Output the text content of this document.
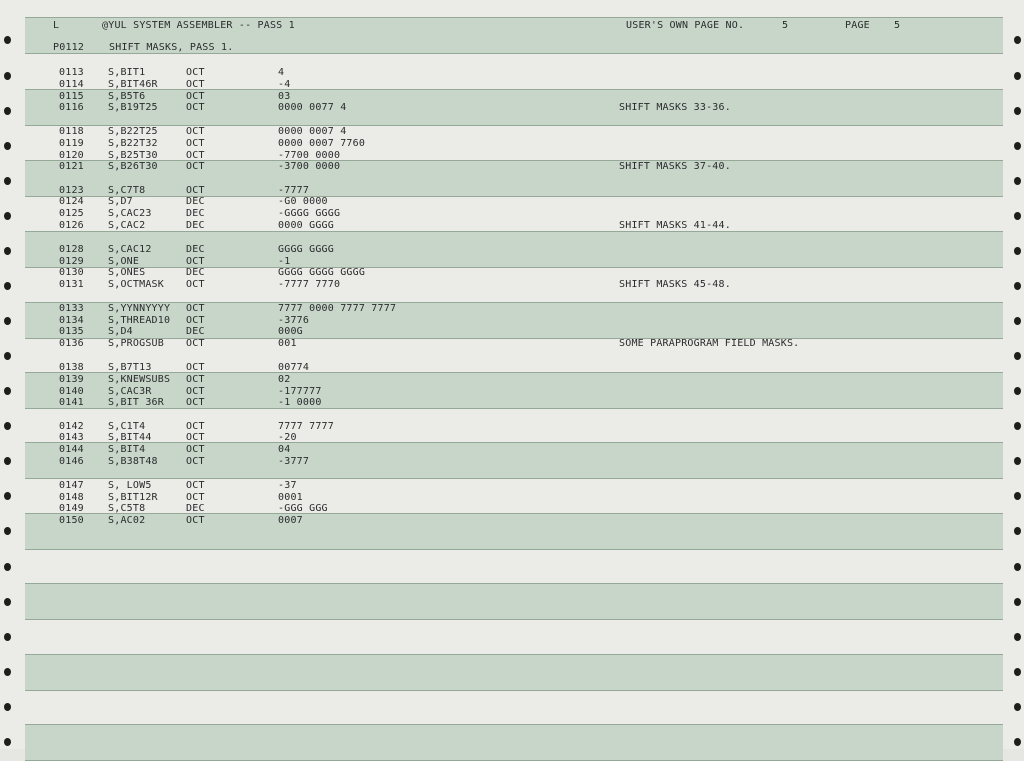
L	@YUL SYSTEM ASSEMBLER -- PASS 1	USER'S OWN PAGE NO.	5	PAGE 5
P0112 SHIFT MASKS, PASS 1.
0113 S,BIT1	OCT	4
0114 S,BIT46R	OCT	-4
0115 S,B5T6	OCT	03
0116 S,B19T25	OCT	0000 0077 4	SHIFT MASKS 33-36.
0118 S,B22T25	OCT	0000 0007 4
0119 S,B22T32	OCT	0000 0007 7760
0120 S,B25T30	OCT	-7700 0000
0121 S,B26T30	OCT	-3700 0000	SHIFT MASKS 37-40.
0123 S,C7T8	OCT	-7777
0124 S,D7	DEC	-G0 0000
0125 S,CAC23	DEC	-GGGG GGGG
0126 S,CAC2	DEC	0000 GGGG	SHIFT MASKS 41-44.
0128 S,CAC12	DEC	GGGG GGGG
0129 S,ONE	OCT	-1
0130 S,ONES	DEC	GGGG GGGG GGGG
0131 S,OCTMASK OCT	-7777 7770	SHIFT MASKS 45-48.
0133 S,YYNNYYYY OCT	7777 0000 7777 7777
0134 S,THREAD10 OCT	-3776
0135 S,D4	DEC	000G
0136 S,PROGSUB OCT	001	SOME PARAPROGRAM FIELD MASKS.
0138 S,B7T13	OCT	00774
0139 S,KNEWSUBS OCT	02
0140 S,CAC3R	OCT	-177777
0141 S,BIT 36R OCT	-1 0000
0142 S,C1T4	OCT	7777 7777
0143 S,BIT44	OCT	-20
0144 S,BIT4	OCT	04
0146 S,B38T48	OCT	-3777
0147 S, LOW5	OCT	-37
0148 S,BIT12R	OCT	0001
0149 S,C5T8	DEC	-GGG GGG
0150 S,AC02	OCT	0007
